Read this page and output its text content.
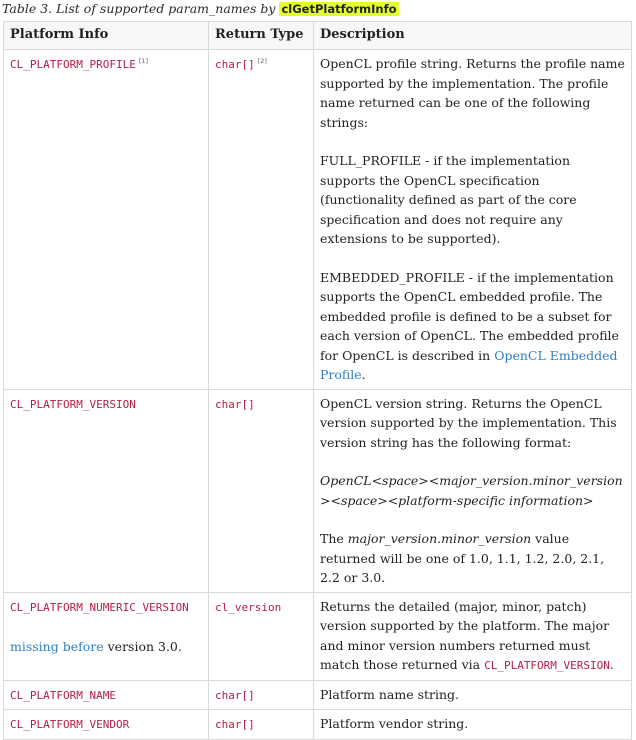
Table 3. List of supported param_names by clGetPlatformInfo
Platform Info	Return Type	Description
CL_PLATFORM_PROFILE [1]	char[] [2]	OpenCL profile string. Returns the profile name supported by the implementation. The profile name returned can be one of the following strings:

FULL_PROFILE - if the implementation supports the OpenCL specification (functionality defined as part of the core specification and does not require any extensions to be supported).

EMBEDDED_PROFILE - if the implementation supports the OpenCL embedded profile. The embedded profile is defined to be a subset for each version of OpenCL. The embedded profile for OpenCL is described in OpenCL Embedded Profile.

CL_PLATFORM_VERSION	char[]	OpenCL version string. Returns the OpenCL version supported by the implementation. This version string has the following format:

OpenCL<space><major_version.minor_version><space><platform-specific information>

The major_version.minor_version value returned will be one of 1.0, 1.1, 1.2, 2.0, 2.1, 2.2 or 3.0.

CL_PLATFORM_NUMERIC_VERSION
missing before version 3.0.	cl_version	Returns the detailed (major, minor, patch) version supported by the platform. The major and minor version numbers returned must match those returned via CL_PLATFORM_VERSION.

CL_PLATFORM_NAME	char[]	Platform name string.

CL_PLATFORM_VENDOR	char[]	Platform vendor string.
